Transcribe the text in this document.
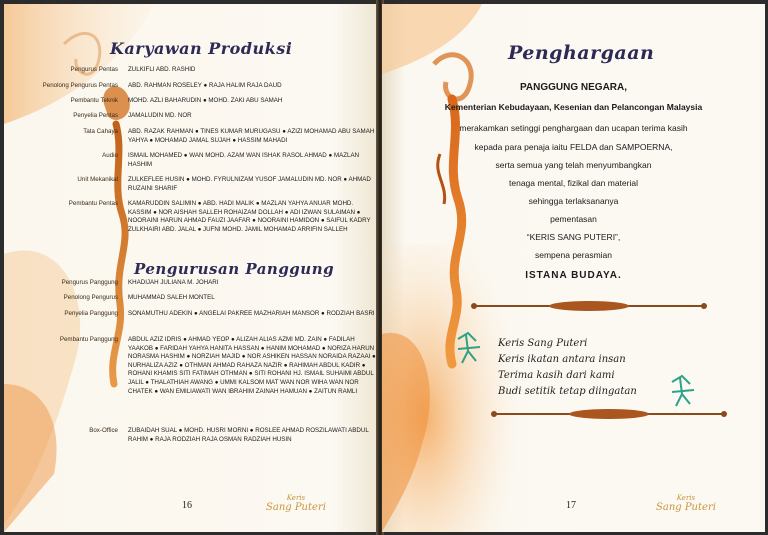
Karyawan Produksi
Pengurus Pentas ZULKIFLI ABD. RASHID
Penolong Pengurus Pentas ABD. RAHMAN ROSELEY ● RAJA HALIM RAJA DAUD
Pembantu Teknik MOHD. AZLI BAHARUDIN ● MOHD. ZAKI ABU SAMAH
Penyelia Pentas JAMALUDIN MD. NOR
Tata Cahaya ABD. RAZAK RAHMAN ● TINES KUMAR MURUGASU ● AZIZI MOHAMAD ABU SAMAH YAHYA ● MOHAMAD JAMAL SUJAH ● HASSIM MAHADI
Audio ISMAIL MOHAMED ● WAN MOHD. AZAM WAN ISHAK RASOL AHMAD ● MAZLAN HASHIM
Unit Mekanikal ZULKEFLEE HUSIN ● MOHD. FYRULNIZAM YUSOF JAMALUDIN MD. NOR ● AHMAD RUZAINI SHARIF
Pembantu Pentas KAMARUDDIN SALIMIN ● ABD. HADI MALIK ● MAZLAN YAHYA ANUAR MOHD. KASSIM ● NOR AISHAH SALLEH ROHAIZAM DOLLAH ● ADI IZWAN SULAIMAN ● NOORAINI HARUN AHMAD FAUZI JAAFAR ● NOORAINI HAMIDON ● SAIFUL KADRY ZULKHAIRI ABD. JALAL ● JUFNI MOHD. JAMIL MOHAMAD ARRIFIN SALLEH
Pengurusan Panggung
Pengurus Panggung KHADIJAH JULIANA M. JOHARI
Penolong Pengurus MUHAMMAD SALEH MONTEL
Penyelia Panggung SONAMUTHU ADEKIN ● ANGELAI PAKREE MAZHARIAH MANSOR ● RODZIAH BASRI
Pembantu Panggung ABDUL AZIZ IDRIS ● AHMAD YEOP ● ALIZAH ALIAS AZMI MD. ZAIN ● FADILAH YAAKOB ● FARIDAH YAHYA HANITA HASSAN ● HANIM MOHAMAD ● NORIZA HARUN NORASMA HASHIM ● NORZIAH MAJID ● NOR ASHIKEN HASSAN NORAIDA RAZAAI ● NURHALIZA AZIZ ● OTHMAN AHMAD RAHAZA NAZIR ● RAHIMAH ABDUL KADIR ● ROHANI KHAMIS SITI FATIMAH OTHMAN ● SITI ROHANI HJ. ISMAIL SUHAIMI ABDUL JALIL ● THALATHIAH AWANG ● UMMI KALSOM MAT WAN NOR WIHA WAN NOR CHATEK ● WAN EMILIAWATI WAN IBRAHIM ZAINAH HAMUAN ● ZAITUN RAMLI
Box-Office ZUBAIDAH SUAL ● MOHD. HUSRI MORNI ● ROSLEE AHMAD ROSZILAWATI ABDUL RAHIM ● RAJA RODZIAH RAJA OSMAN RADZIAH HUSIN
16
Keris
Sang Puteri
Penghargaan
PANGGUNG NEGARA,
Kementerian Kebudayaan, Kesenian dan Pelancongan Malaysia
merakamkan setinggi penghargaan dan ucapan terima kasih
kepada para penaja iaitu FELDA dan SAMPOERNA,
serta semua yang telah menyumbangkan
tenaga mental, fizikal dan material
sehingga terlaksananya
pementasan
“KERIS SANG PUTERI”,
sempena perasmian
ISTANA BUDAYA.
Keris Sang Puteri
Keris ikatan antara insan
Terima kasih dari kami
Budi setitik tetap diingatan
17
Keris
Sang Puteri
